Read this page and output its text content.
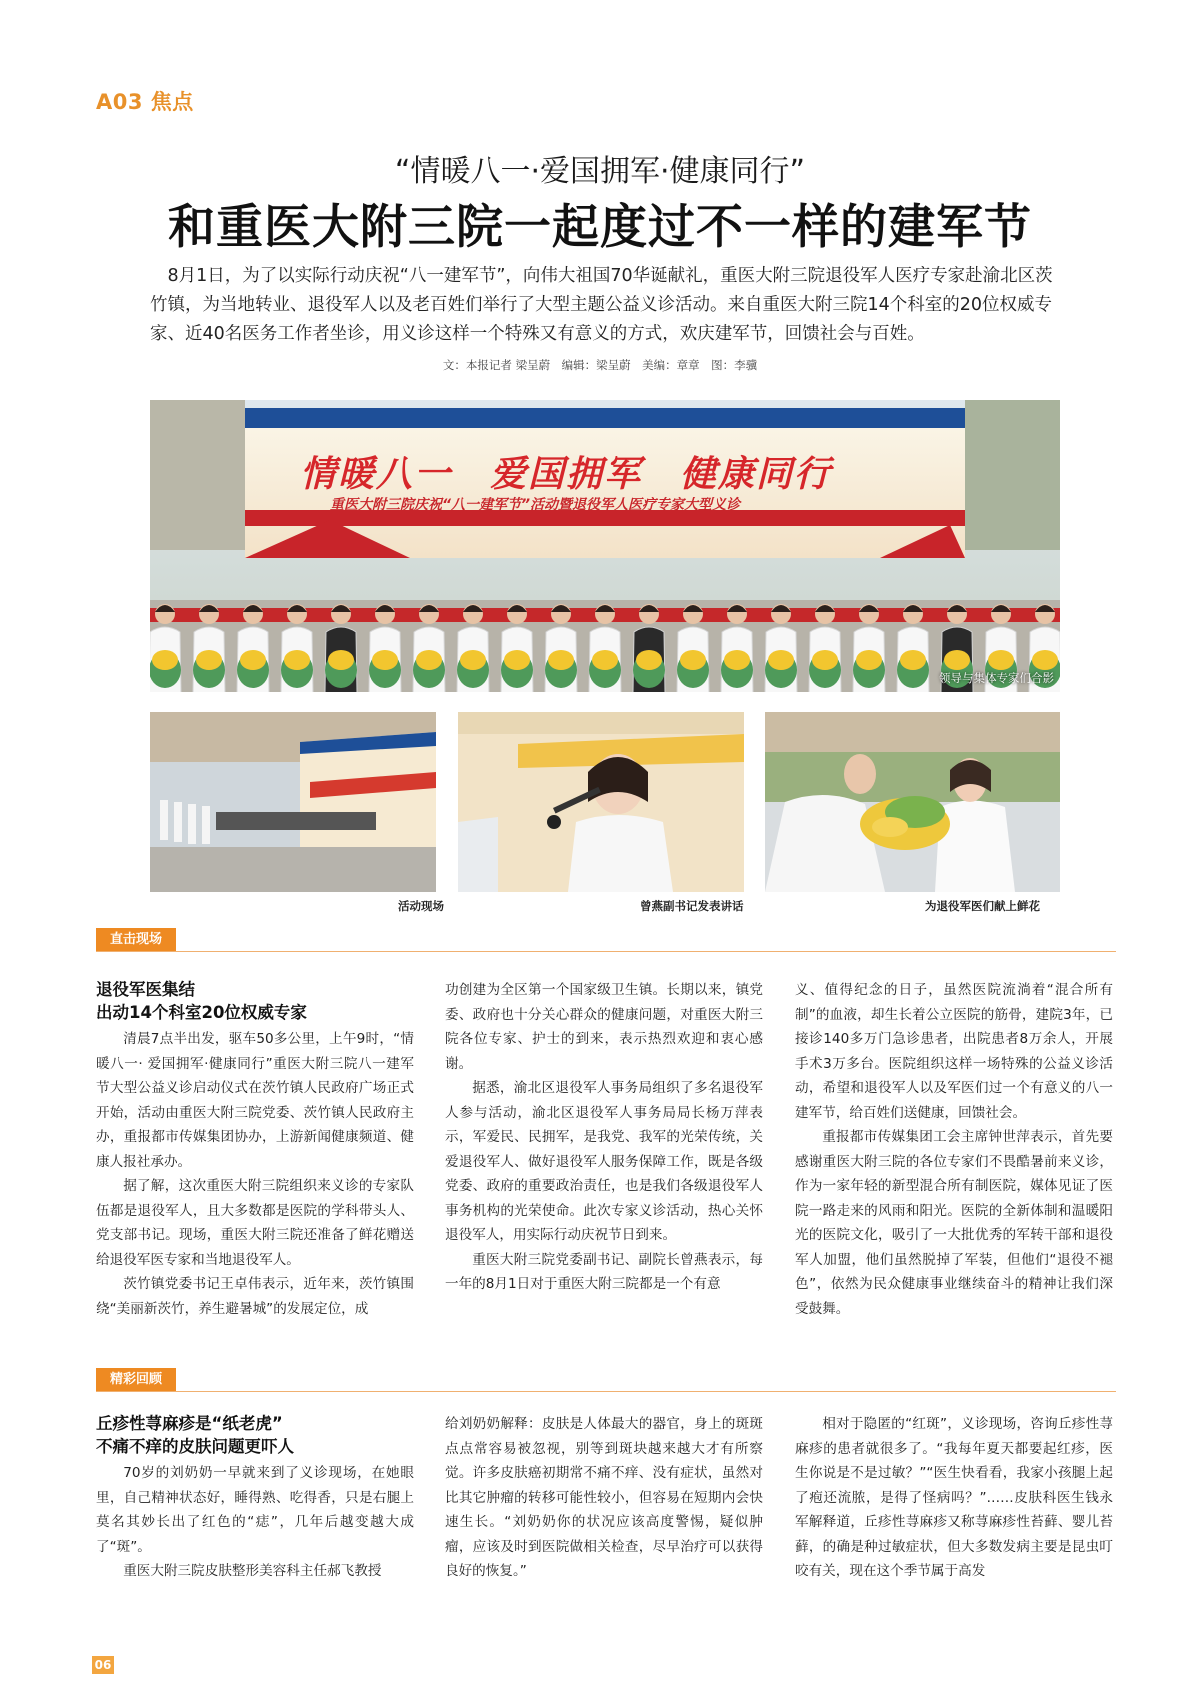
A03 焦点
“情暖八一·爱国拥军·健康同行”
和重医大附三院一起度过不一样的建军节
8月1日，为了以实际行动庆祝“八一建军节”，向伟大祖国70华诞献礼，重医大附三院退役军人医疗专家赴渝北区茨竹镇，为当地转业、退役军人以及老百姓们举行了大型主题公益义诊活动。来自重医大附三院14个科室的20位权威专家、近40名医务工作者坐诊，用义诊这样一个特殊又有意义的方式，欢庆建军节，回馈社会与百姓。
文：本报记者 梁呈蔚　编辑：梁呈蔚　美编：章章　图：李骥
情暖八一　爱国拥军　健康同行
重医大附三院庆祝“八一建军节”活动暨退役军人医疗专家大型义诊
领导与集体专家们合影
活动现场	曾燕副书记发表讲话	为退役军医们献上鲜花
直击现场
退役军医集结
出动14个科室20位权威专家

清晨7点半出发，驱车50多公里，上午9时，“情暖八一· 爱国拥军·健康同行”重医大附三院八一建军节大型公益义诊启动仪式在茨竹镇人民政府广场正式开始，活动由重医大附三院党委、茨竹镇人民政府主办，重报都市传媒集团协办，上游新闻健康频道、健康人报社承办。

据了解，这次重医大附三院组织来义诊的专家队伍都是退役军人，且大多数都是医院的学科带头人、党支部书记。现场，重医大附三院还准备了鲜花赠送给退役军医专家和当地退役军人。

茨竹镇党委书记王卓伟表示，近年来，茨竹镇围绕“美丽新茨竹，养生避暑城”的发展定位，成

功创建为全区第一个国家级卫生镇。长期以来，镇党委、政府也十分关心群众的健康问题，对重医大附三院各位专家、护士的到来，表示热烈欢迎和衷心感谢。

据悉，渝北区退役军人事务局组织了多名退役军人参与活动，渝北区退役军人事务局局长杨万萍表示，军爱民、民拥军，是我党、我军的光荣传统，关爱退役军人、做好退役军人服务保障工作，既是各级党委、政府的重要政治责任，也是我们各级退役军人事务机构的光荣使命。此次专家义诊活动，热心关怀退役军人，用实际行动庆祝节日到来。

重医大附三院党委副书记、副院长曾燕表示，每一年的8月1日对于重医大附三院都是一个有意

义、值得纪念的日子，虽然医院流淌着“混合所有制”的血液，却生长着公立医院的筋骨，建院3年，已接诊140多万门急诊患者，出院患者8万余人，开展手术3万多台。医院组织这样一场特殊的公益义诊活动，希望和退役军人以及军医们过一个有意义的八一建军节，给百姓们送健康，回馈社会。

重报都市传媒集团工会主席钟世萍表示，首先要感谢重医大附三院的各位专家们不畏酷暑前来义诊，作为一家年轻的新型混合所有制医院，媒体见证了医院一路走来的风雨和阳光。医院的全新体制和温暖阳光的医院文化，吸引了一大批优秀的军转干部和退役军人加盟，他们虽然脱掉了军装，但他们“退役不褪色”，依然为民众健康事业继续奋斗的精神让我们深受鼓舞。

精彩回顾
丘疹性荨麻疹是“纸老虎”
不痛不痒的皮肤问题更吓人

70岁的刘奶奶一早就来到了义诊现场，在她眼里，自己精神状态好，睡得熟、吃得香，只是右腿上莫名其妙长出了红色的“痣”，几年后越变越大成了“斑”。

重医大附三院皮肤整形美容科主任郝飞教授

给刘奶奶解释：皮肤是人体最大的器官，身上的斑斑点点常容易被忽视，别等到斑块越来越大才有所察觉。许多皮肤癌初期常不痛不痒、没有症状，虽然对比其它肿瘤的转移可能性较小，但容易在短期内会快速生长。“刘奶奶你的状况应该高度警惕，疑似肿瘤，应该及时到医院做相关检查，尽早治疗可以获得良好的恢复。”

相对于隐匿的“红斑”，义诊现场，咨询丘疹性荨麻疹的患者就很多了。“我每年夏天都要起红疹，医生你说是不是过敏？”“医生快看看，我家小孩腿上起了疱还流脓，是得了怪病吗？”……皮肤科医生钱永军解释道，丘疹性荨麻疹又称荨麻疹性苔藓、婴儿苔藓，的确是种过敏症状，但大多数发病主要是昆虫叮咬有关，现在这个季节属于高发

06
